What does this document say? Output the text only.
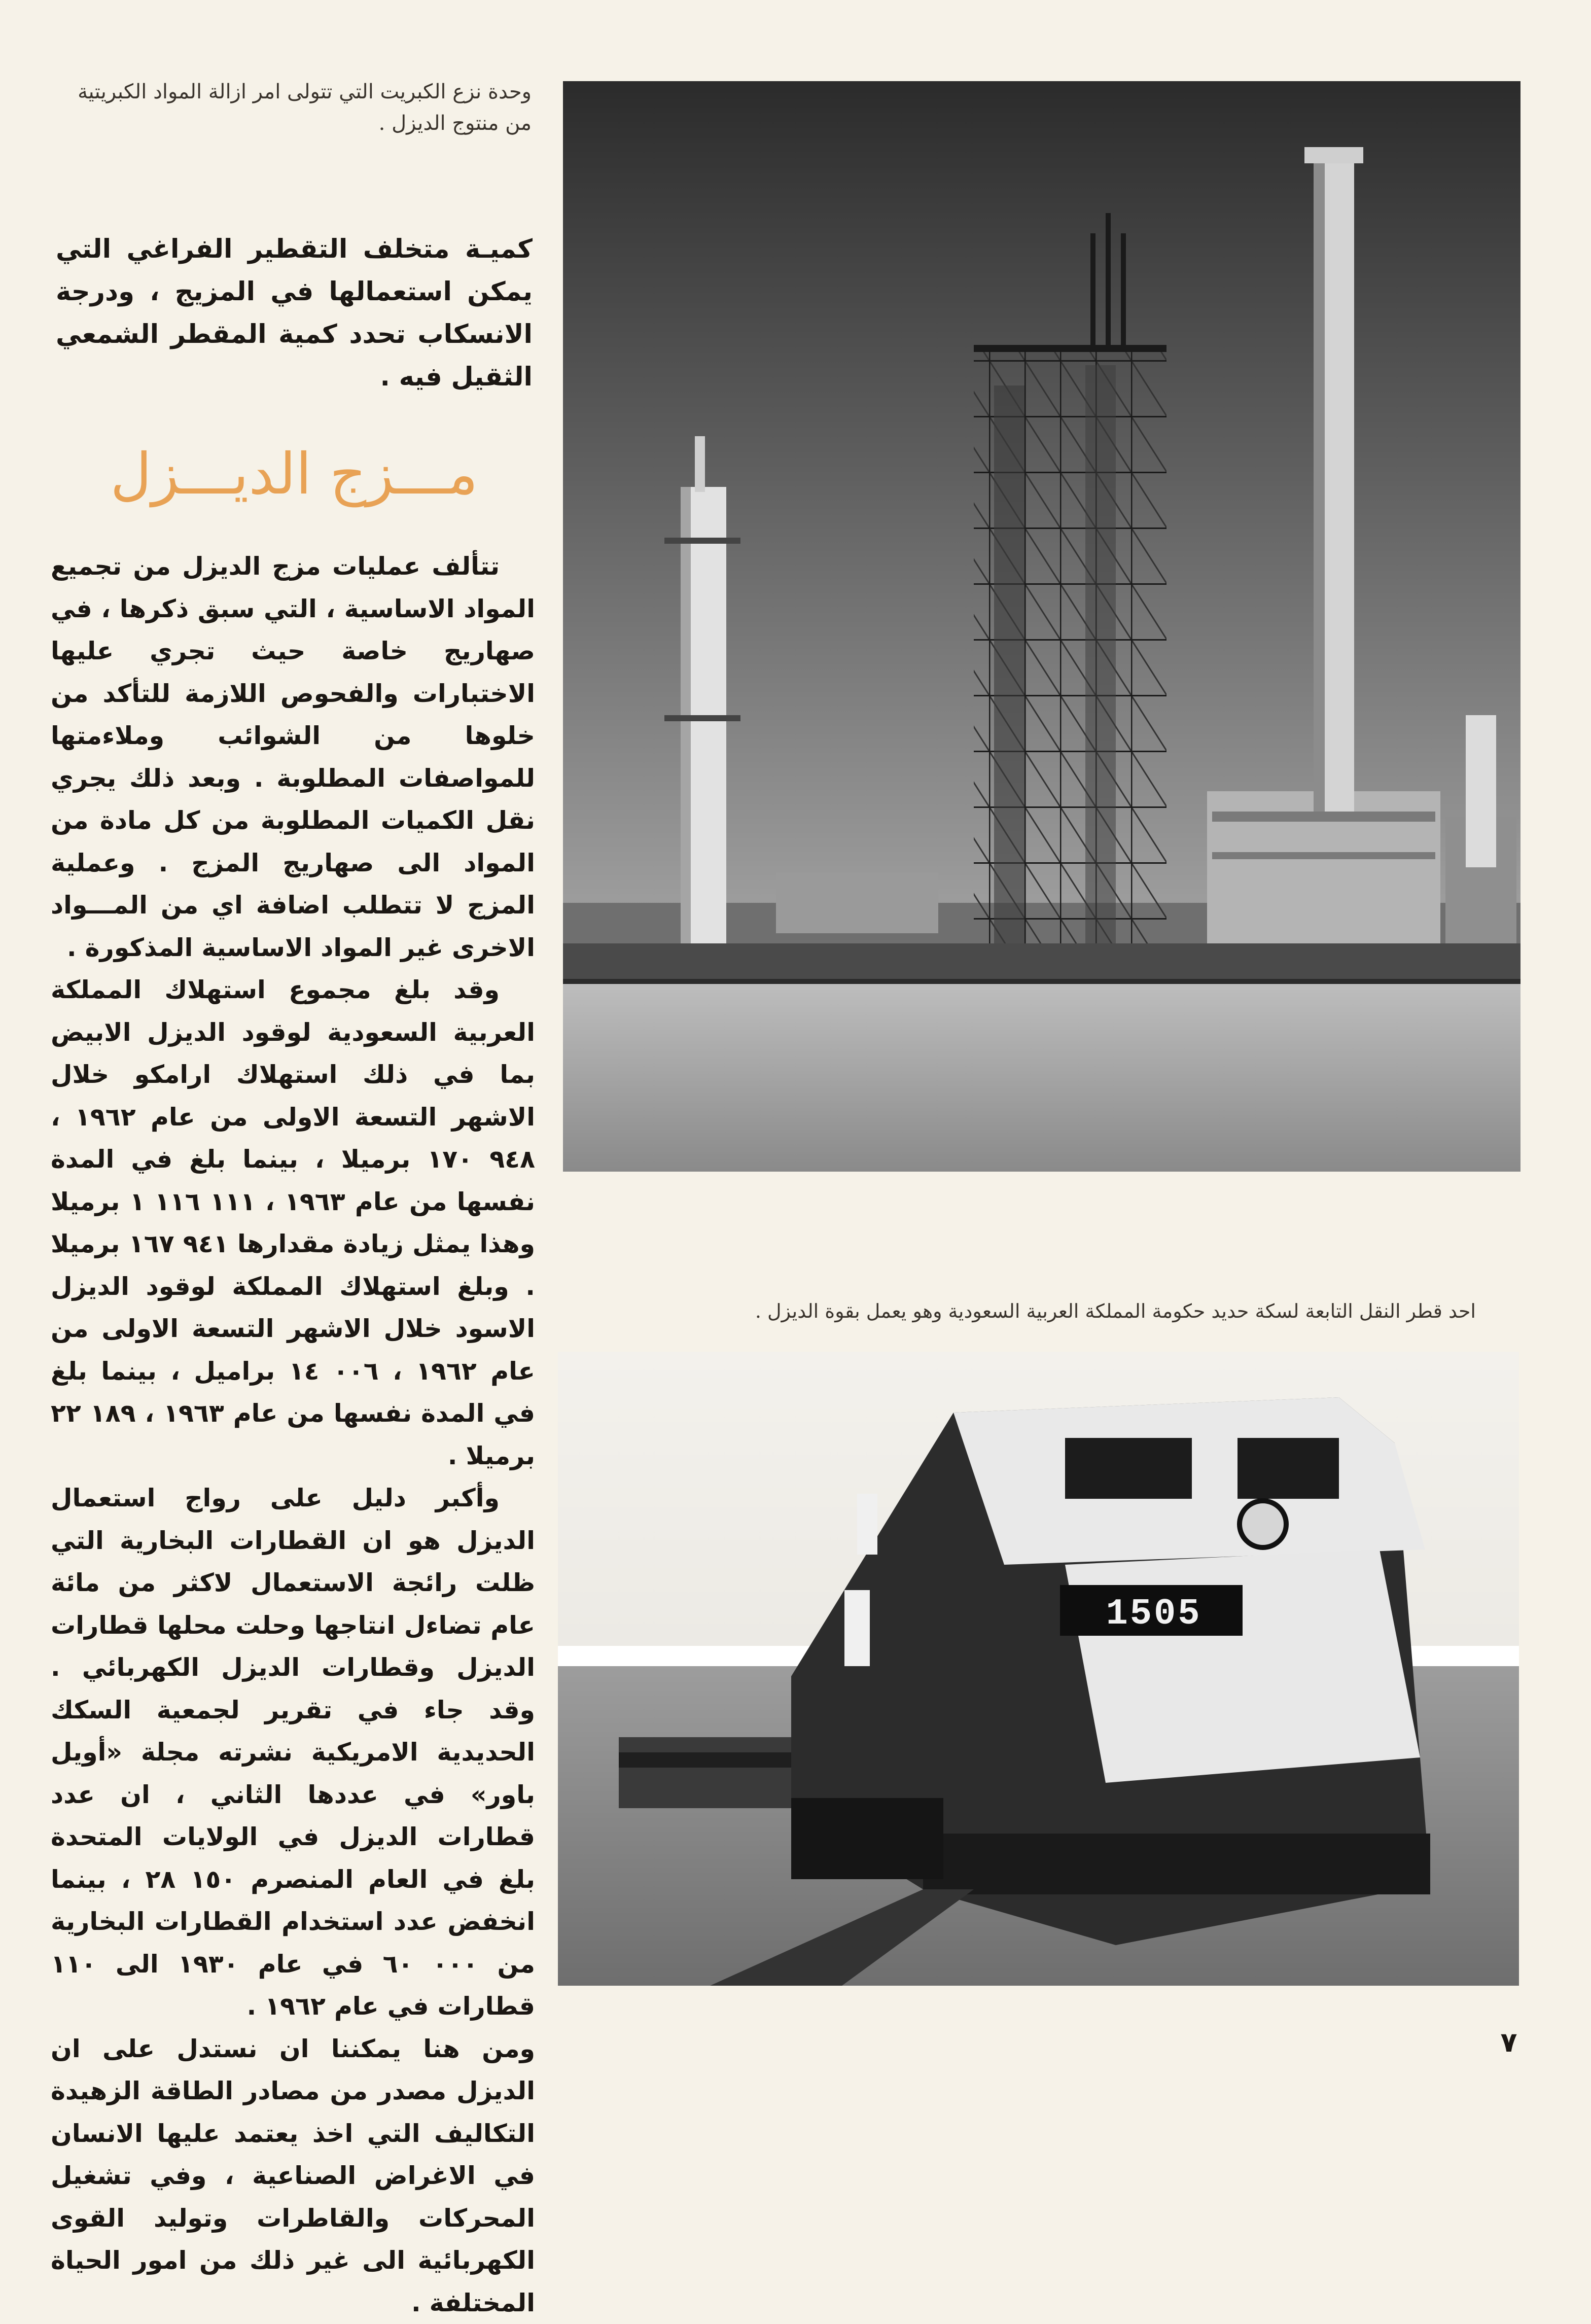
وحدة نزع الكبريت التي تتولى امر ازالة المواد الكبريتية من منتوج الديزل .
كميـة متخلف التقطير الفراغي التي يمكن استعمالها في المزيج ، ودرجة الانسكاب تحدد كمية المقطر الشمعي الثقيل فيه .
مـــزج الديـــزل

تتألف عمليات مزج الديزل من تجميع المواد الاساسية ، التي سبق ذكرها ، في صهاريج خاصة حيث تجري عليها الاختبارات والفحوص اللازمة للتأكد من خلوها من الشوائب وملاءمتها للمواصفات المطلوبة . وبعد ذلك يجري نقل الكميات المطلوبة من كل مادة من المواد الى صهاريج المزج . وعملية المزج لا تتطلب اضافة اي من المـــواد الاخرى غير المواد الاساسية المذكورة .

وقد بلغ مجموع استهلاك المملكة العربية السعودية لوقود الديزل الابيض بما في ذلك استهلاك ارامكو خلال الاشهر التسعة الاولى من عام ١٩٦٢ ، ٩٤٨ ١٧٠ برميلا ، بينما بلغ في المدة نفسها من عام ١٩٦٣ ، ١١١ ١١٦ ١ برميلا وهذا يمثل زيادة مقدارها ٩٤١ ١٦٧ برميلا . وبلغ استهلاك المملكة لوقود الديزل الاسود خلال الاشهر التسعة الاولى من عام ١٩٦٢ ، ٠٠٦ ١٤ براميل ، بينما بلغ في المدة نفسها من عام ١٩٦٣ ، ١٨٩ ٢٢ برميلا .

وأكبر دليل على رواج استعمال الديزل هو ان القطارات البخارية التي ظلت رائجة الاستعمال لاكثر من مائة عام تضاءل انتاجها وحلت محلها قطارات الديزل وقطارات الديزل الكهربائي . وقد جاء في تقرير لجمعية السكك الحديدية الامريكية نشرته مجلة «أويل باور» في عددها الثاني ، ان عدد قطارات الديزل في الولايات المتحدة بلغ في العام المنصرم ١٥٠ ٢٨ ، بينما انخفض عدد استخدام القطارات البخارية من ٠٠٠ ٦٠ في عام ١٩٣٠ الى ١١٠ قطارات في عام ١٩٦٢ .

ومن هنا يمكننا ان نستدل على ان الديزل مصدر من مصادر الطاقة الزهيدة التكاليف التي اخذ يعتمد عليها الانسان في الاغراض الصناعية ، وفي تشغيل المحركات والقاطرات وتوليد القوى الكهربائية الى غير ذلك من امور الحياة المختلفة .

احد قطر النقل التابعة لسكة حديد حكومة المملكة العربية السعودية وهو يعمل بقوة الديزل .
1505
٧
